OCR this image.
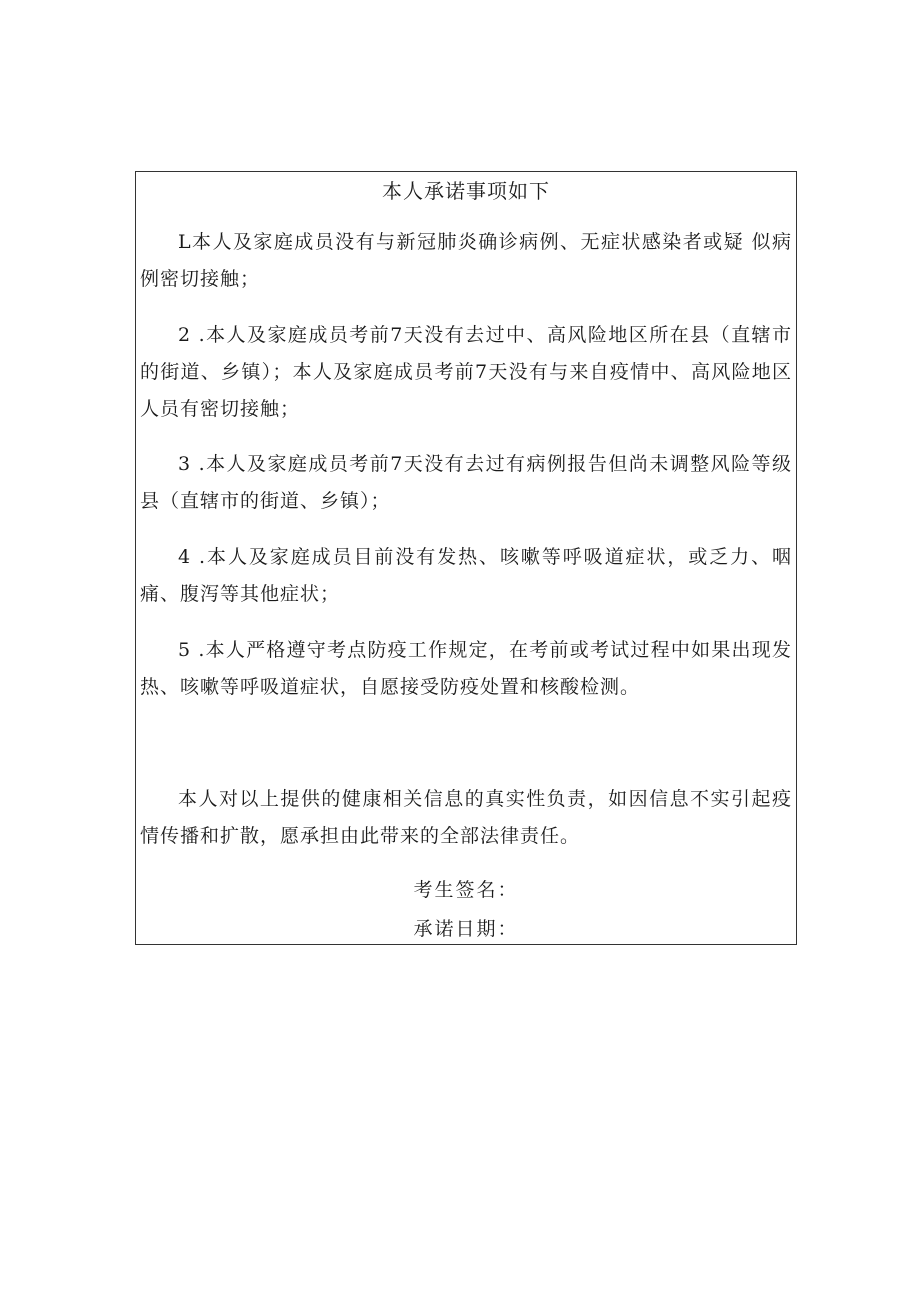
本人承诺事项如下

L本人及家庭成员没有与新冠肺炎确诊病例、无症状感染者或疑 似病例密切接触；

2 .本人及家庭成员考前7天没有去过中、高风险地区所在县（直辖市的街道、乡镇）；本人及家庭成员考前7天没有与来自疫情中、高风险地区人员有密切接触；

3 .本人及家庭成员考前7天没有去过有病例报告但尚未调整风险等级县（直辖市的街道、乡镇）；

4 .本人及家庭成员目前没有发热、咳嗽等呼吸道症状，或乏力、咽痛、腹泻等其他症状；

5 .本人严格遵守考点防疫工作规定，在考前或考试过程中如果出现发热、咳嗽等呼吸道症状，自愿接受防疫处置和核酸检测。

本人对以上提供的健康相关信息的真实性负责，如因信息不实引起疫情传播和扩散，愿承担由此带来的全部法律责任。

考生签名：
承诺日期：
